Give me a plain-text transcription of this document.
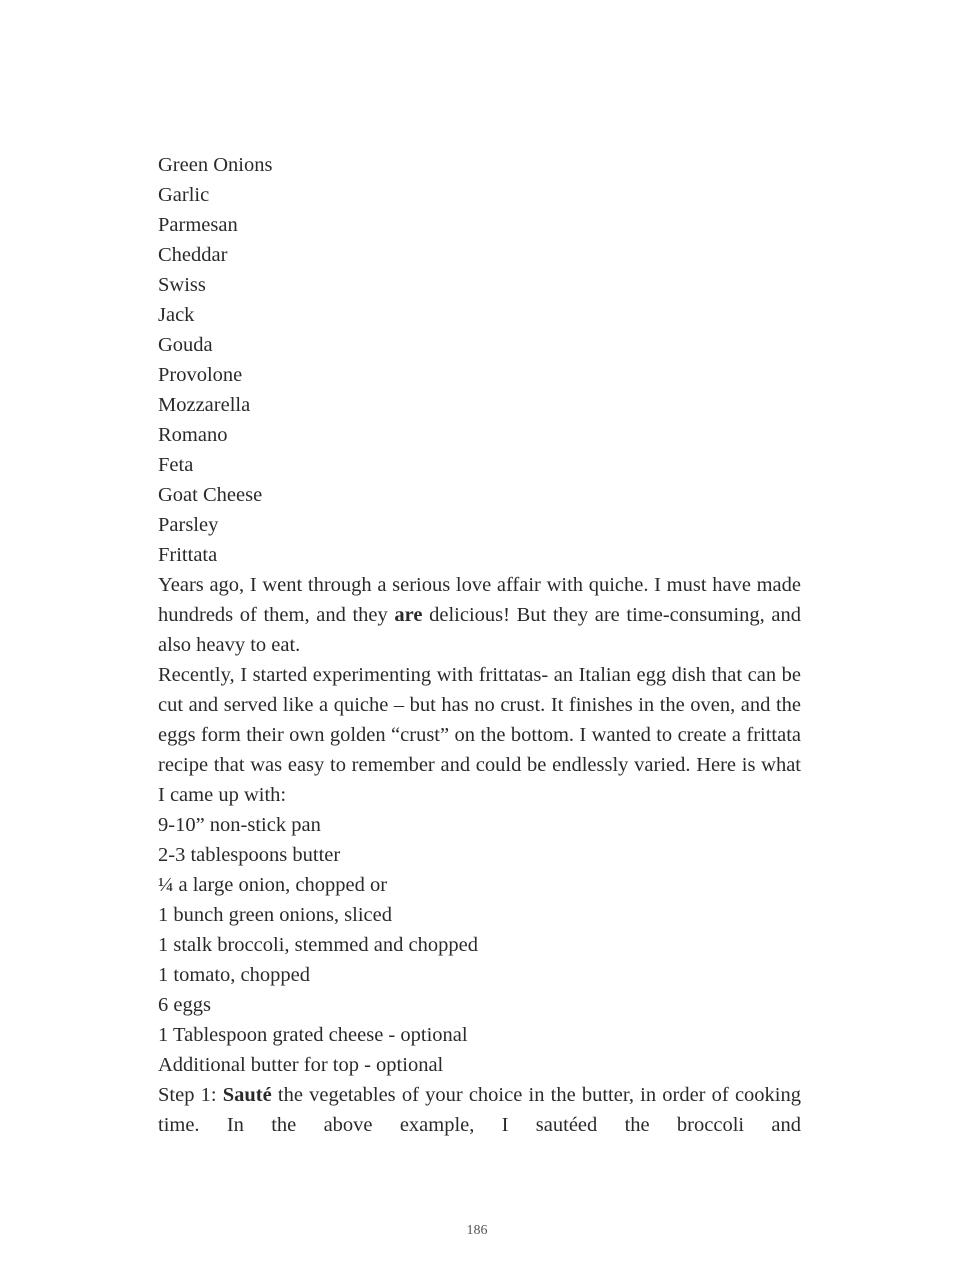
Green Onions
Garlic
Parmesan
Cheddar
Swiss
Jack
Gouda
Provolone
Mozzarella
Romano
Feta
Goat Cheese
Parsley
Frittata

Years ago, I went through a serious love affair with quiche. I must have made hundreds of them, and they are delicious! But they are time-consuming, and also heavy to eat.

Recently, I started experimenting with frittatas- an Italian egg dish that can be cut and served like a quiche – but has no crust. It finishes in the oven, and the eggs form their own golden “crust” on the bottom. I wanted to create a frittata recipe that was easy to remember and could be endlessly varied. Here is what I came up with:

9-10” non-stick pan
2-3 tablespoons butter
¼ a large onion, chopped or
1 bunch green onions, sliced
1 stalk broccoli, stemmed and chopped
1 tomato, chopped
6 eggs
1 Tablespoon grated cheese - optional
Additional butter for top - optional

Step 1: Sauté the vegetables of your choice in the butter, in order of cooking time. In the above example, I sautéed the broccoli and

186
